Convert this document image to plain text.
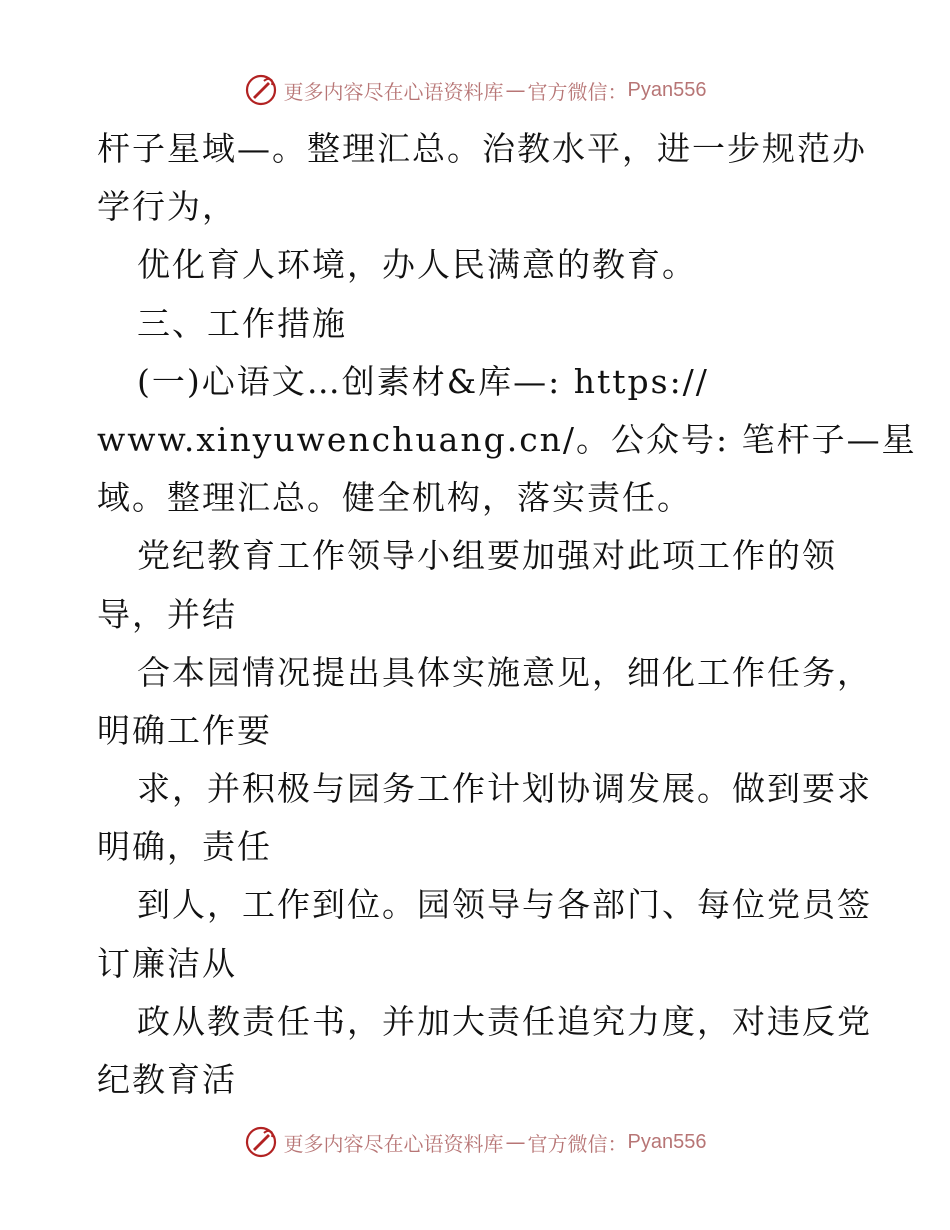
更多内容尽在心语资料库 — 官方微信： Pyan556
杆子星域—。整理汇总。治教水平，进一步规范办
学行为，
优化育人环境，办人民满意的教育。
三、工作措施
(一)心语文…创素材&库—: https://
www.xinyuwenchuang.cn/。公众号: 笔杆子—星
域。整理汇总。健全机构，落实责任。
党纪教育工作领导小组要加强对此项工作的领
导，并结
合本园情况提出具体实施意见，细化工作任务，
明确工作要
求，并积极与园务工作计划协调发展。做到要求
明确，责任
到人，工作到位。园领导与各部门、每位党员签
订廉洁从
政从教责任书，并加大责任追究力度，对违反党
纪教育活
更多内容尽在心语资料库 — 官方微信： Pyan556
